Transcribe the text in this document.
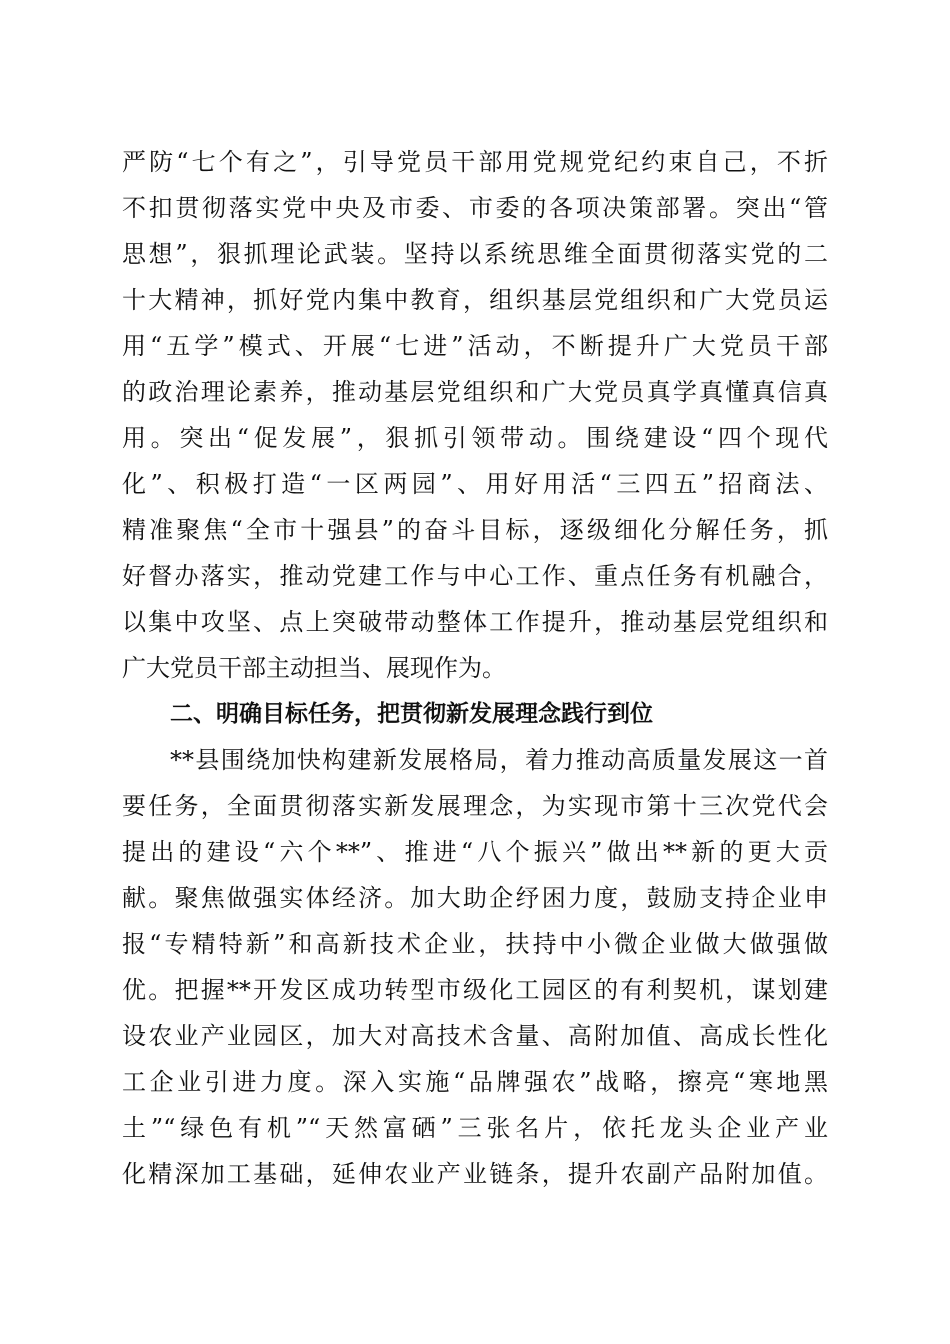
严防“七个有之”，引导党员干部用党规党纪约束自己，不折
不扣贯彻落实党中央及市委、市委的各项决策部署。突出“管
思想”，狠抓理论武装。坚持以系统思维全面贯彻落实党的二
十大精神，抓好党内集中教育，组织基层党组织和广大党员运
用“五学”模式、开展“七进”活动，不断提升广大党员干部
的政治理论素养，推动基层党组织和广大党员真学真懂真信真
用。突出“促发展”，狠抓引领带动。围绕建设“四个现代
化”、积极打造“一区两园”、用好用活“三四五”招商法、
精准聚焦“全市十强县”的奋斗目标，逐级细化分解任务，抓
好督办落实，推动党建工作与中心工作、重点任务有机融合，
以集中攻坚、点上突破带动整体工作提升，推动基层党组织和
广大党员干部主动担当、展现作为。
二、明确目标任务，把贯彻新发展理念践行到位
**县围绕加快构建新发展格局，着力推动高质量发展这一首
要任务，全面贯彻落实新发展理念，为实现市第十三次党代会
提出的建设“六个**”、推进“八个振兴”做出**新的更大贡
献。聚焦做强实体经济。加大助企纾困力度，鼓励支持企业申
报“专精特新”和高新技术企业，扶持中小微企业做大做强做
优。把握**开发区成功转型市级化工园区的有利契机，谋划建
设农业产业园区，加大对高技术含量、高附加值、高成长性化
工企业引进力度。深入实施“品牌强农”战略，擦亮“寒地黑
土”“绿色有机”“天然富硒”三张名片，依托龙头企业产业
化精深加工基础，延伸农业产业链条，提升农副产品附加值。
